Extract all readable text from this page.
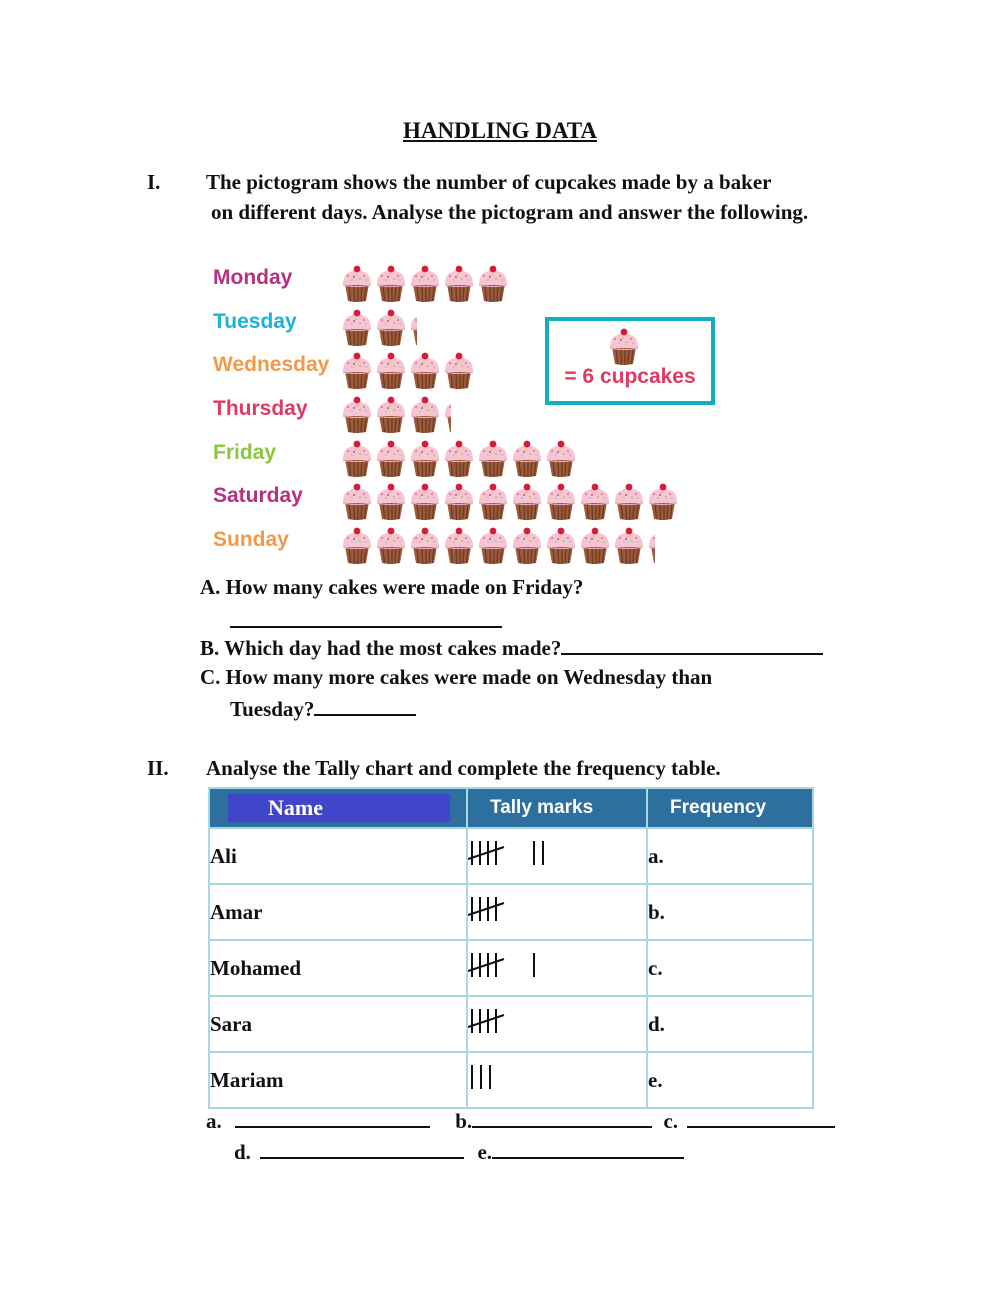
HANDLING DATA
I. The pictogram shows the number of cupcakes made by a baker
on different days. Analyse the pictogram and answer the following.
Monday
Tuesday
Wednesday
Thursday
Friday
Saturday
Sunday
= 6 cupcakes
A. How many cakes were made on Friday?
B. Which day had the most cakes made?
C. How many more cakes were made on Wednesday than
Tuesday?
II. Analyse the Tally chart and complete the frequency table.
Name	Tally marks	Frequency
Ali		a.
Amar		b.
Mohamed		c.
Sara		d.
Mariam		e.
a.	b.	c.
d.	e.
